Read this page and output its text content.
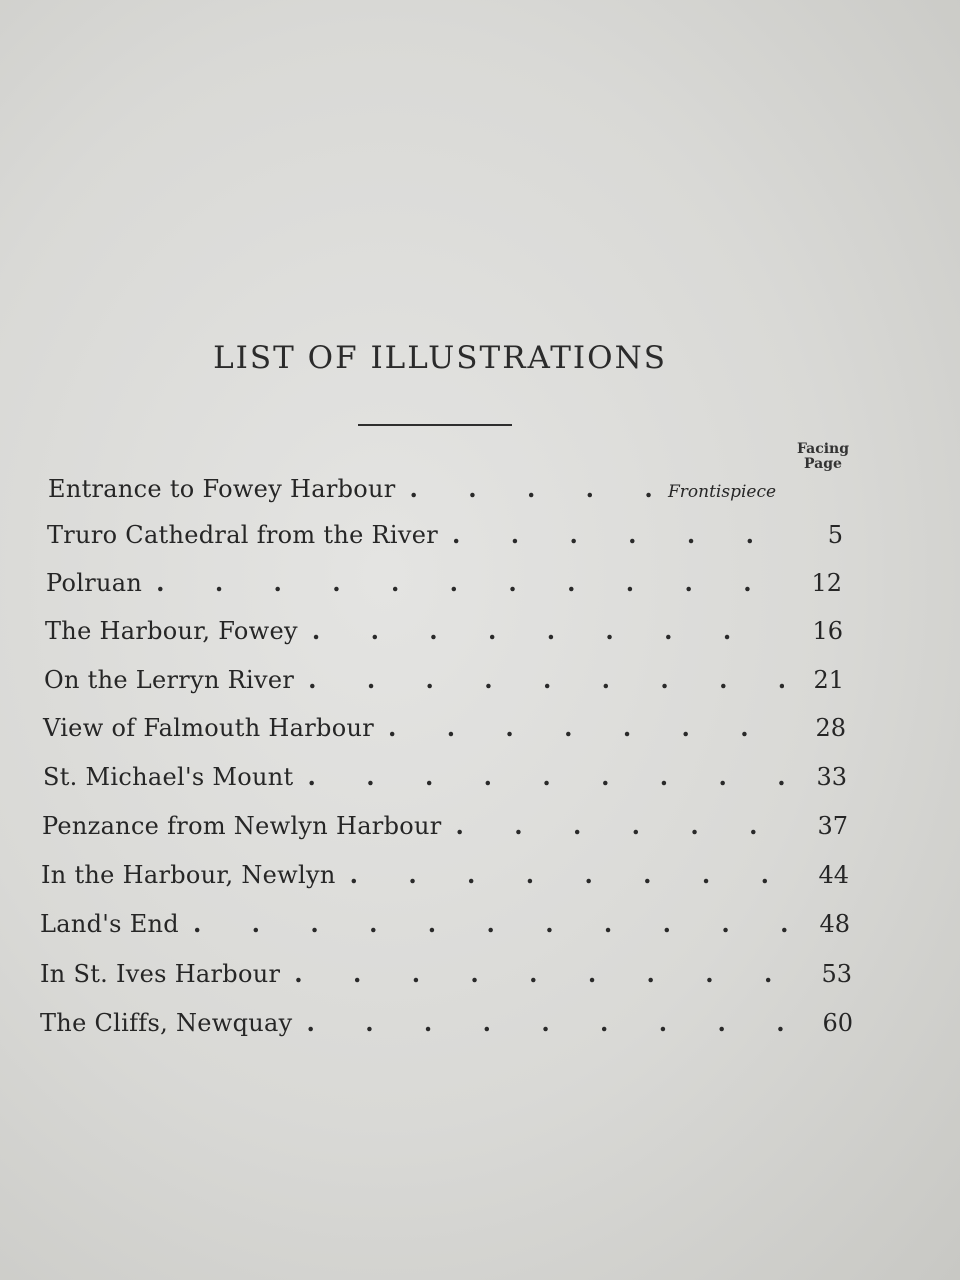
LIST OF ILLUSTRATIONS
Facing
Page
Entrance to Fowey Harbour . . .	Frontispiece
Truro Cathedral from the River . . .	5
Polruan . . .	12
The Harbour, Fowey . . .	16
On the Lerryn River . . .	21
View of Falmouth Harbour . . .	28
St. Michael's Mount . . .	33
Penzance from Newlyn Harbour . . .	37
In the Harbour, Newlyn . . .	44
Land's End . . .	48
In St. Ives Harbour . . .	53
The Cliffs, Newquay . . .	60
